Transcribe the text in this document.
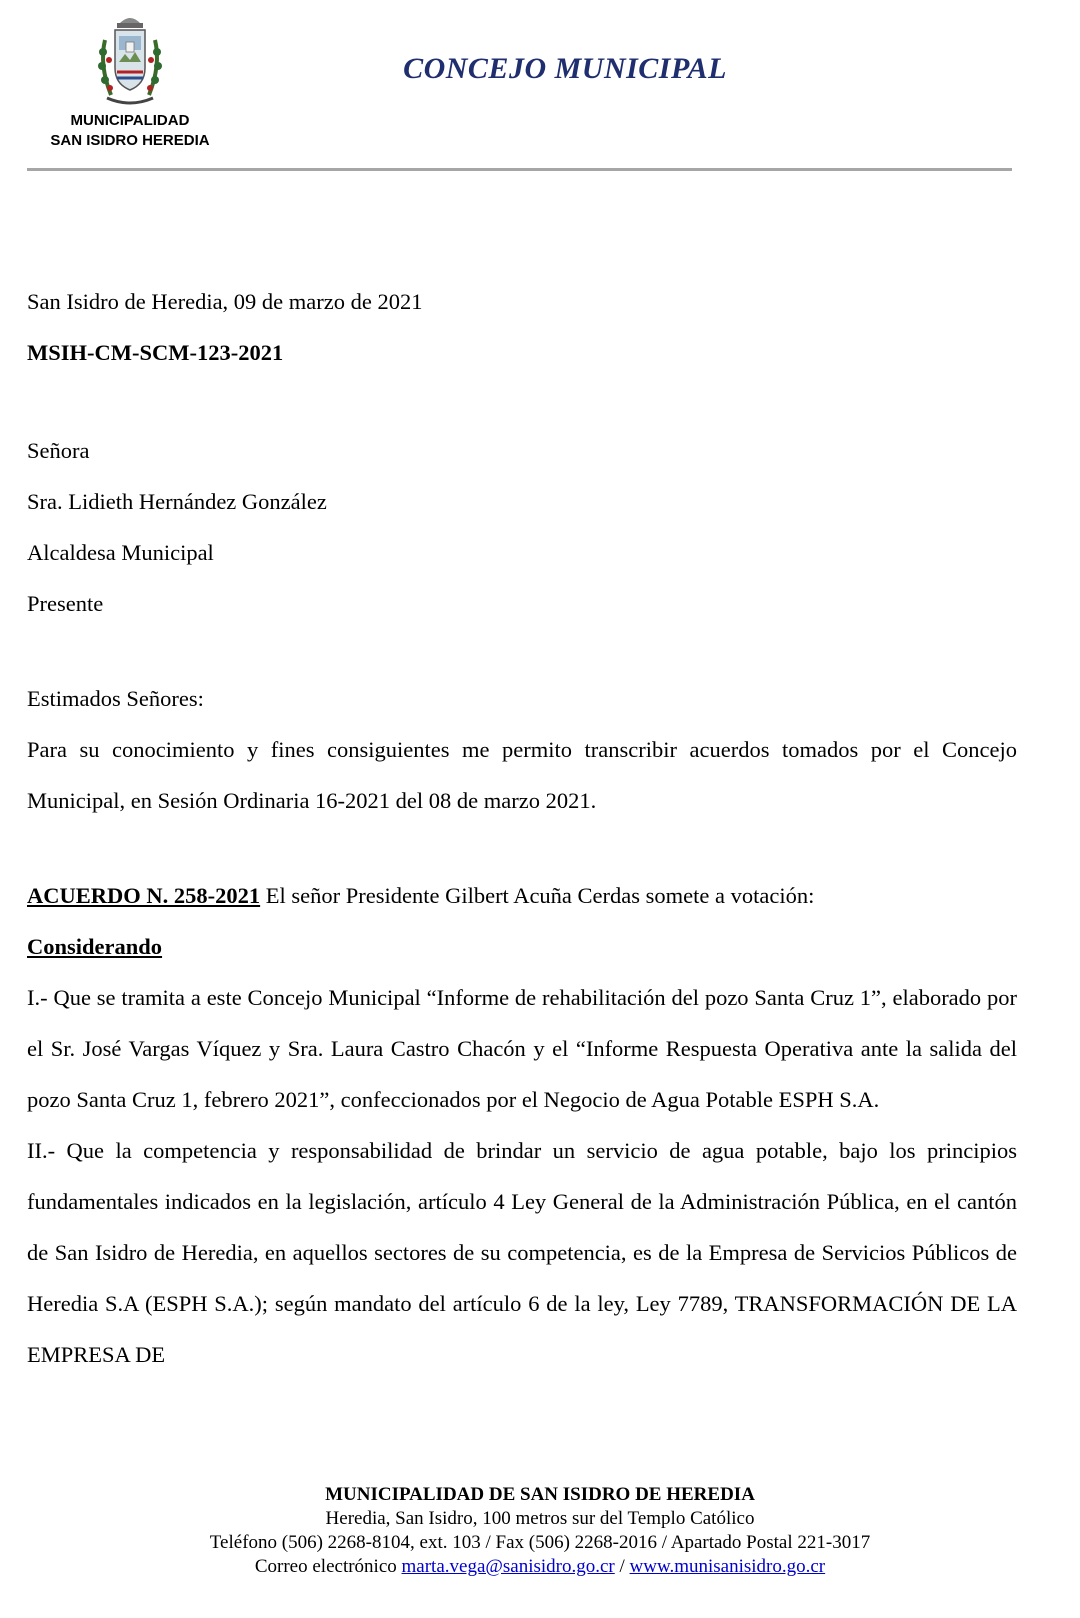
MUNICIPALIDAD
SAN ISIDRO HEREDIA
CONCEJO MUNICIPAL
San Isidro de Heredia, 09 de marzo de 2021
MSIH-CM-SCM-123-2021
Señora
Sra. Lidieth Hernández González
Alcaldesa Municipal
Presente
Estimados Señores:
Para su conocimiento y fines consiguientes me permito transcribir acuerdos tomados por el Concejo Municipal, en Sesión Ordinaria 16-2021 del 08 de marzo 2021.
ACUERDO N. 258-2021 El señor Presidente Gilbert Acuña Cerdas somete a votación:
Considerando
I.- Que se tramita a este Concejo Municipal “Informe de rehabilitación del pozo Santa Cruz 1”, elaborado por el Sr. José Vargas Víquez y Sra. Laura Castro Chacón y el “Informe Respuesta Operativa ante la salida del pozo Santa Cruz 1, febrero 2021”, confeccionados por el Negocio de Agua Potable ESPH S.A.
II.- Que la competencia y responsabilidad de brindar un servicio de agua potable, bajo los principios fundamentales indicados en la legislación, artículo 4 Ley General de la Administración Pública, en el cantón de San Isidro de Heredia, en aquellos sectores de su competencia, es de la Empresa de Servicios Públicos de Heredia S.A (ESPH S.A.); según mandato del artículo 6 de la ley, Ley 7789, TRANSFORMACIÓN DE LA EMPRESA DE
MUNICIPALIDAD DE SAN ISIDRO DE HEREDIA
Heredia, San Isidro, 100 metros sur del Templo Católico
Teléfono (506) 2268-8104, ext. 103 / Fax (506) 2268-2016 / Apartado Postal 221-3017
Correo electrónico marta.vega@sanisidro.go.cr / www.munisanisidro.go.cr
